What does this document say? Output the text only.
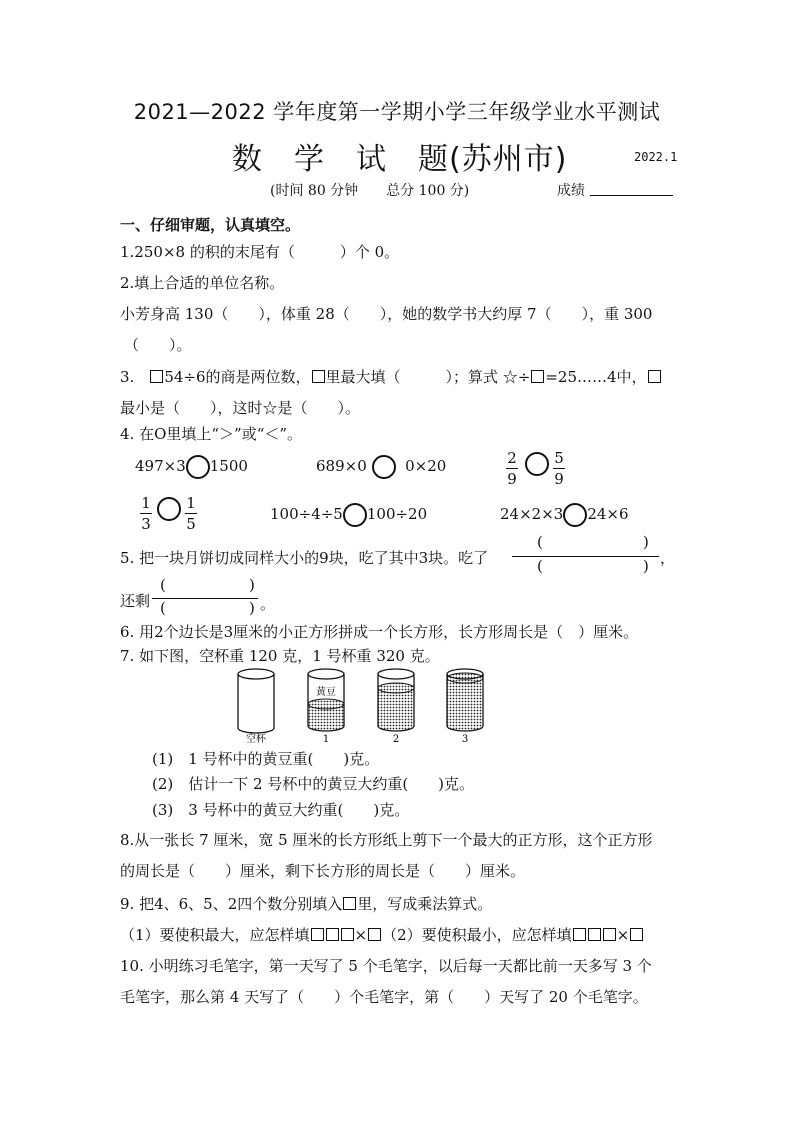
2021—2022 学年度第一学期小学三年级学业水平测试
数　学　试　题(苏州市)	2022.1
(时间 80 分钟　　总分 100 分)	成绩
一、仔细审题，认真填空。
1.250×8 的积的末尾有（　　　）个 0。
2.填上合适的单位名称。
小芳身高 130（　　），体重 28（　　），她的数学书大约厚 7（　　），重 300
（　　）。
3.　54÷6的商是两位数， 里最大填（　　　）；算式 ☆÷ =25……4中，
最小是（　　），这时☆是（　　）。
4. 在O里填上“＞”或“＜”。
497×3 1500	689×0	0×20	2
9
5
9
1
3
1
5
100÷4÷5 100÷20	24×2×3 24×6
5. 把一块月饼切成同样大小的9块，吃了其中3块。吃了
(	)
(	) ，
还剩
(	)
(	) 。
6. 用2个边长是3厘米的小正方形拼成一个长方形，长方形周长是（　）厘米。
7. 如下图，空杯重 120 克，1 号杯重 320 克。
黄豆
空杯	1	2	3
(1)　1 号杯中的黄豆重(　　)克。
(2)　估计一下 2 号杯中的黄豆大约重(　　)克。
(3)　3 号杯中的黄豆大约重(　　)克。
8.从一张长 7 厘米，宽 5 厘米的长方形纸上剪下一个最大的正方形，这个正方形
的周长是（　　）厘米，剩下长方形的周长是（　　）厘米。
9. 把4、6、5、2四个数分别填入 里，写成乘法算式。
（1）要使积最大，应怎样填	× （2）要使积最小，应怎样填	×
10. 小明练习毛笔字，第一天写了 5 个毛笔字，以后每一天都比前一天多写 3 个
毛笔字，那么第 4 天写了（　　）个毛笔字，第（　　）天写了 20 个毛笔字。
